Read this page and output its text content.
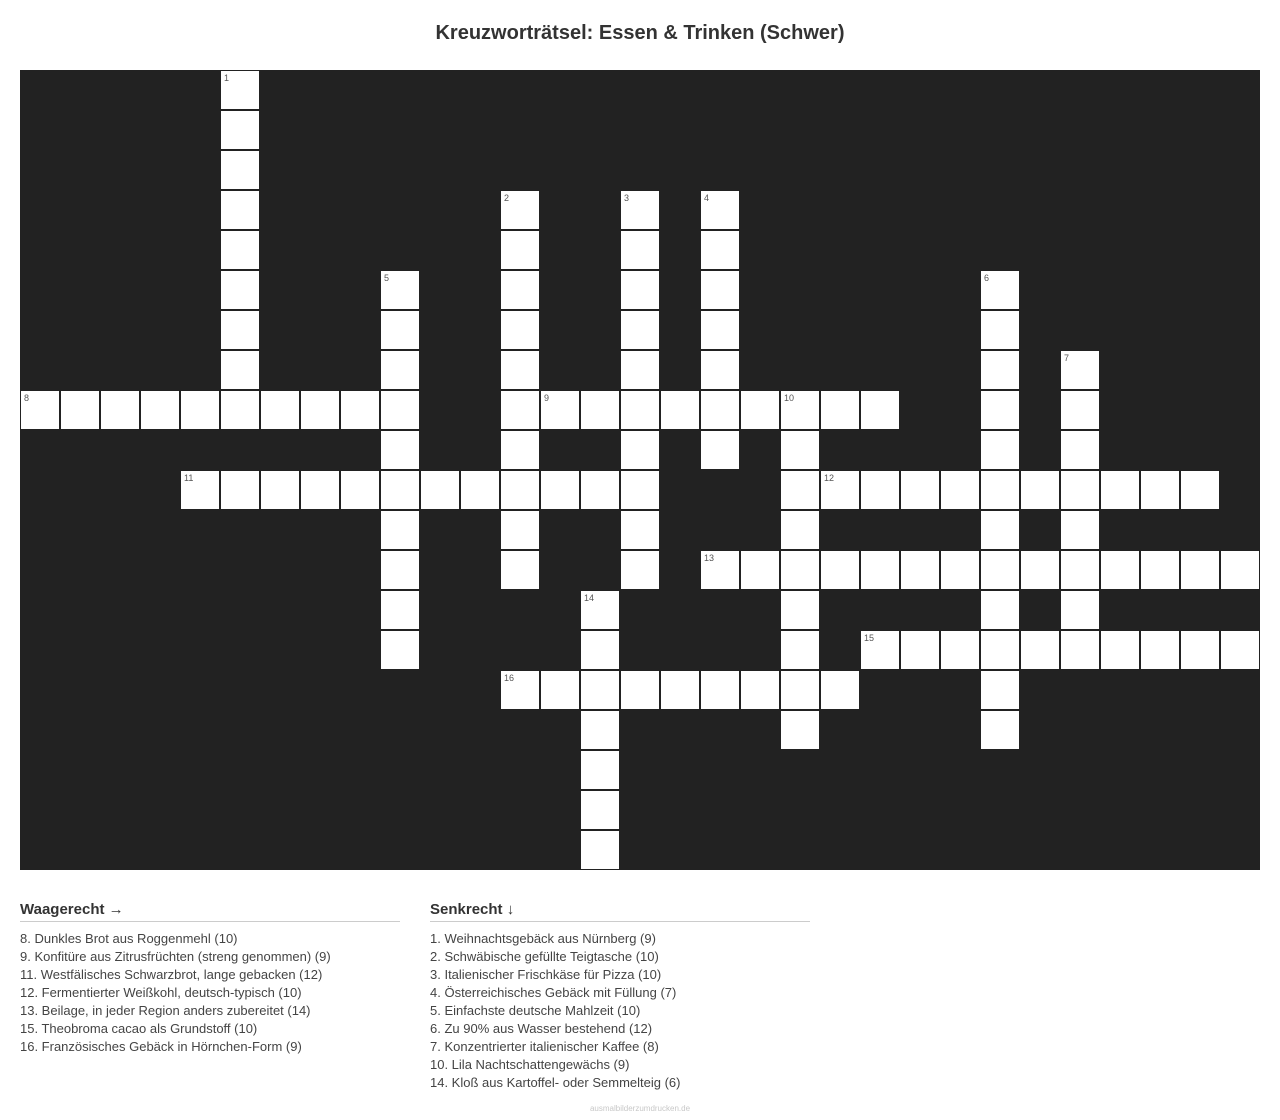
Kreuzworträtsel: Essen & Trinken (Schwer)
1
2	3	4
5	6
7
8	9	10
11	12
13
14
15
16
Waagerecht →
8. Dunkles Brot aus Roggenmehl (10)
9. Konfitüre aus Zitrusfrüchten (streng genommen) (9)
11. Westfälisches Schwarzbrot, lange gebacken (12)
12. Fermentierter Weißkohl, deutsch-typisch (10)
13. Beilage, in jeder Region anders zubereitet (14)
15. Theobroma cacao als Grundstoff (10)
16. Französisches Gebäck in Hörnchen-Form (9)
Senkrecht ↓
1. Weihnachtsgebäck aus Nürnberg (9)
2. Schwäbische gefüllte Teigtasche (10)
3. Italienischer Frischkäse für Pizza (10)
4. Österreichisches Gebäck mit Füllung (7)
5. Einfachste deutsche Mahlzeit (10)
6. Zu 90% aus Wasser bestehend (12)
7. Konzentrierter italienischer Kaffee (8)
10. Lila Nachtschattengewächs (9)
14. Kloß aus Kartoffel- oder Semmelteig (6)
ausmalbilderzumdrucken.de
